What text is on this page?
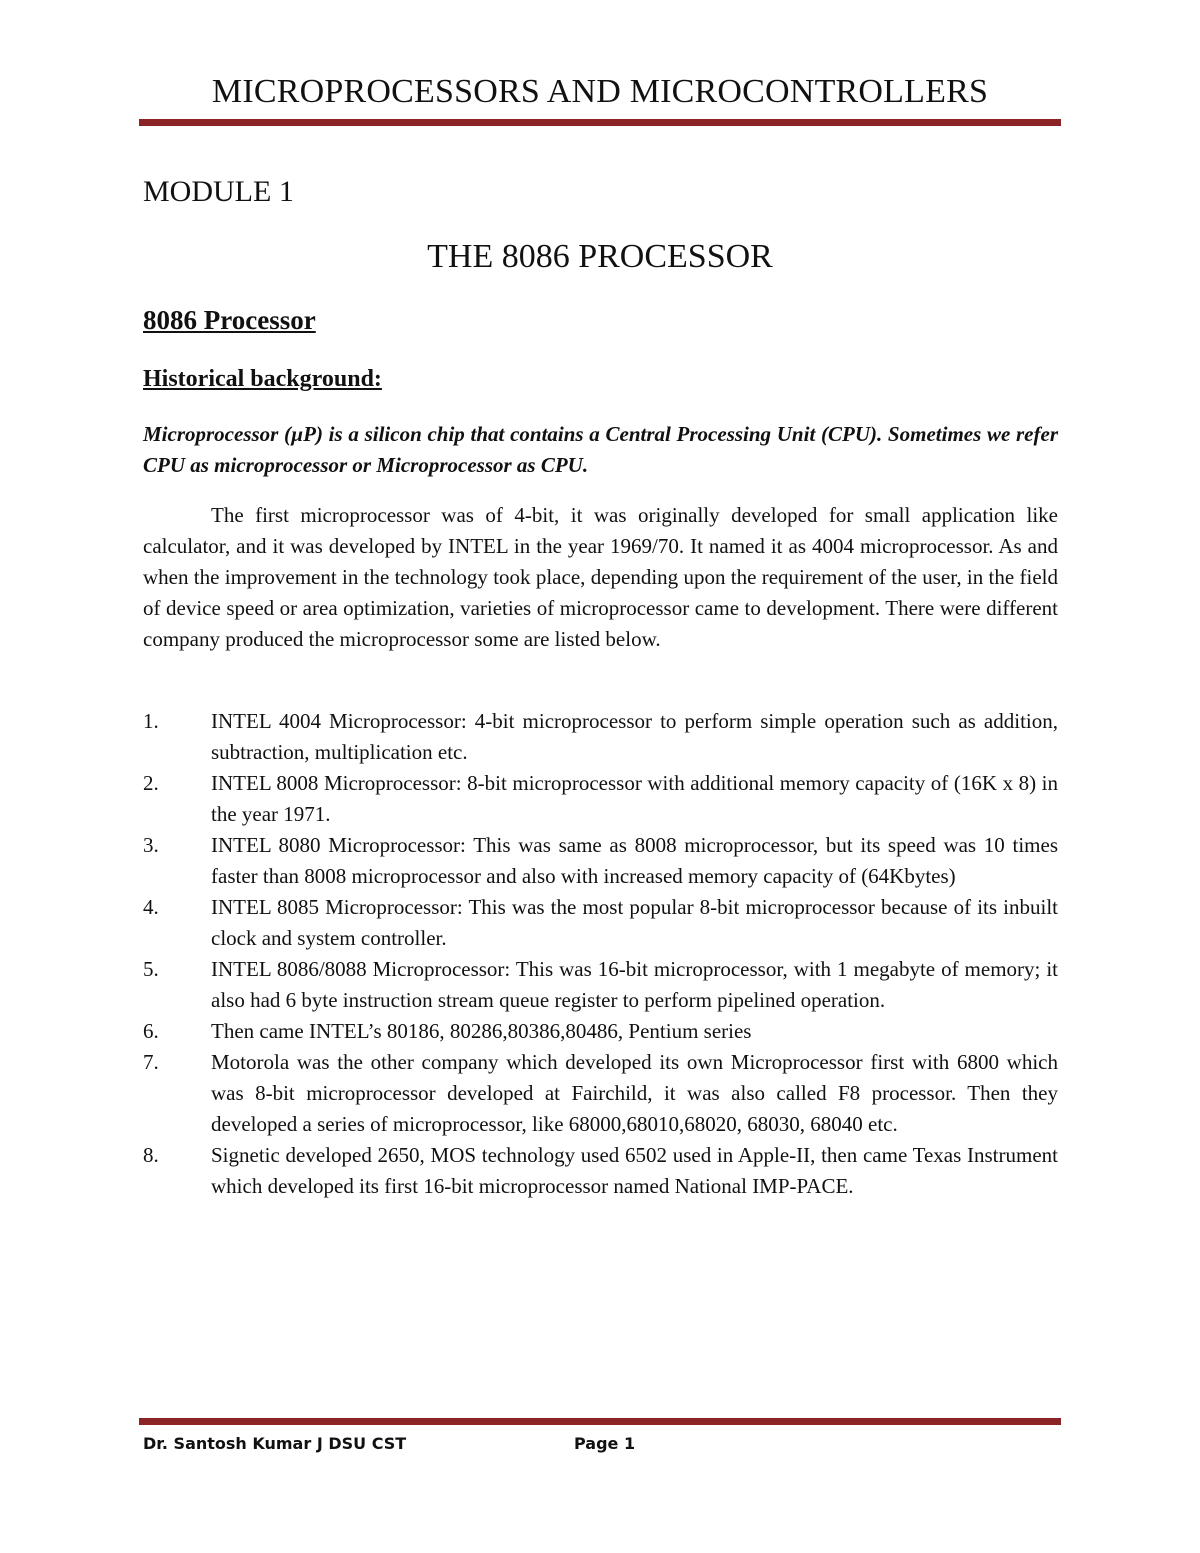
MICROPROCESSORS AND MICROCONTROLLERS
MODULE 1
THE 8086 PROCESSOR
8086 Processor
Historical background:

Microprocessor (µP) is a silicon chip that contains a Central Processing Unit (CPU). Sometimes we refer CPU as microprocessor or Microprocessor as CPU.

The first microprocessor was of 4-bit, it was originally developed for small application like calculator, and it was developed by INTEL in the year 1969/70. It named it as 4004 microprocessor. As and when the improvement in the technology took place, depending upon the requirement of the user, in the field of device speed or area optimization, varieties of microprocessor came to development. There were different company produced the microprocessor some are listed below.

1.	INTEL 4004 Microprocessor: 4-bit microprocessor to perform simple operation such as addition, subtraction, multiplication etc.
2.	INTEL 8008 Microprocessor: 8-bit microprocessor with additional memory capacity of (16K x 8) in the year 1971.
3.	INTEL 8080 Microprocessor: This was same as 8008 microprocessor, but its speed was 10 times faster than 8008 microprocessor and also with increased memory capacity of (64Kbytes)
4.	INTEL 8085 Microprocessor: This was the most popular 8-bit microprocessor because of its inbuilt clock and system controller.
5.	INTEL 8086/8088 Microprocessor: This was 16-bit microprocessor, with 1 megabyte of memory; it also had 6 byte instruction stream queue register to perform pipelined operation.
6.	Then came INTEL’s 80186, 80286,80386,80486, Pentium series
7.	Motorola was the other company which developed its own Microprocessor first with 6800 which was 8-bit microprocessor developed at Fairchild, it was also called F8 processor. Then they developed a series of microprocessor, like 68000,68010,68020, 68030, 68040 etc.
8.	Signetic developed 2650, MOS technology used 6502 used in Apple-II, then came Texas Instrument which developed its first 16-bit microprocessor named National IMP-PACE.
Dr. Santosh Kumar J DSU CST	Page 1
